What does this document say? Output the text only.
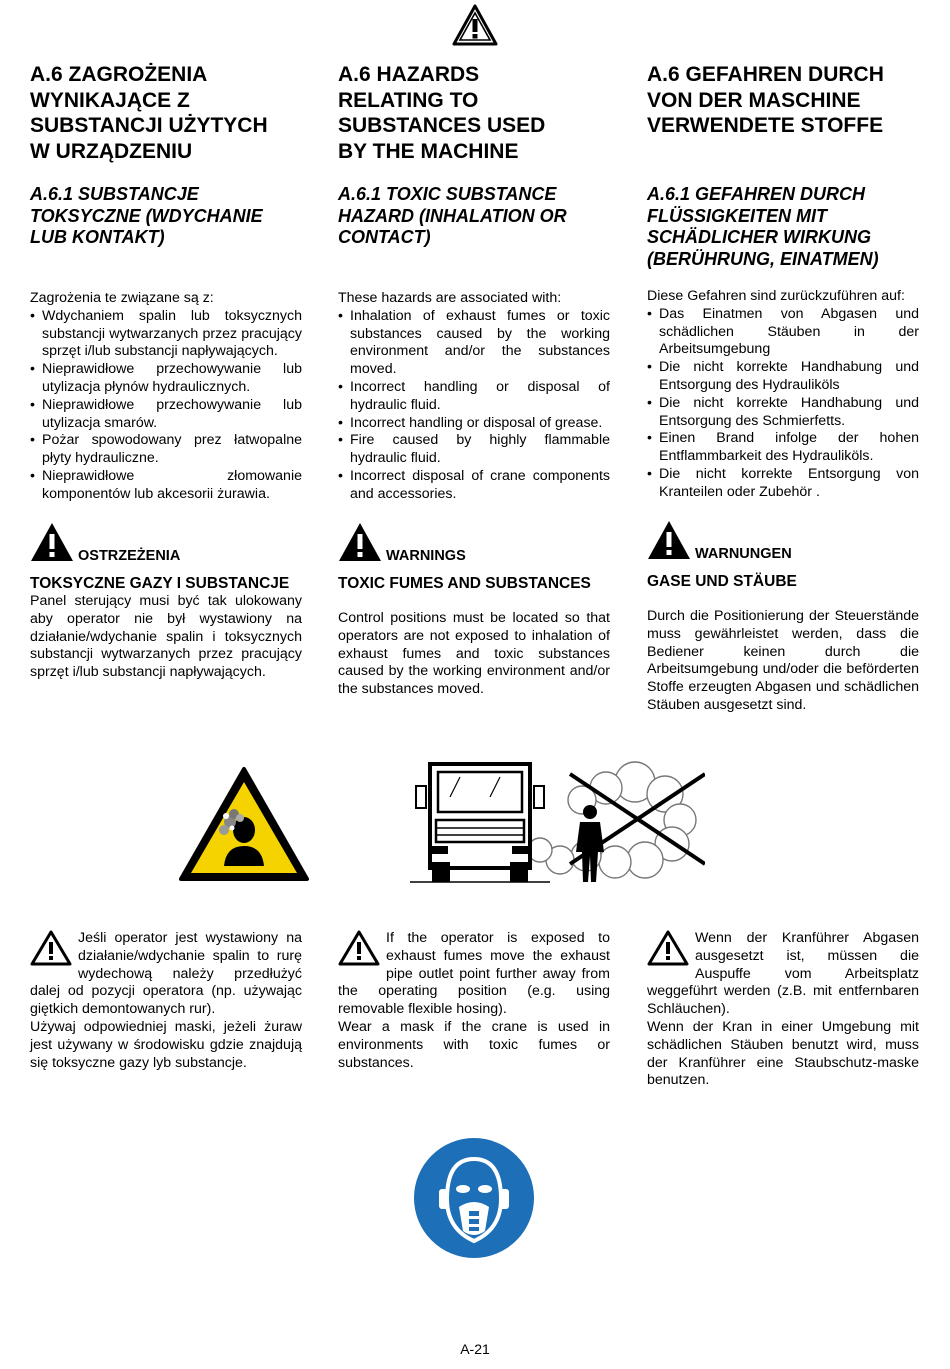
A.6 ZAGROŻENIA
WYNIKAJĄCE Z
SUBSTANCJI UŻYTYCH
W URZĄDZENIU
A.6.1 SUBSTANCJE
TOKSYCZNE (WDYCHANIE
LUB KONTAKT)

Zagrożenia te związane są z:

• Wdychaniem spalin lub toksycznych substancji wytwarzanych przez pracujący sprzęt i/lub substancji napływających.
• Nieprawidłowe przechowywanie lub utylizacja płynów hydraulicznych.
• Nieprawidłowe przechowywanie lub utylizacja smarów.
• Pożar spowodowany prez łatwopalne płyty hydrauliczne.
• Nieprawidłowe złomowanie komponentów lub akcesorii żurawia.
A.6 HAZARDS
RELATING TO
SUBSTANCES USED
BY THE MACHINE
A.6.1 TOXIC SUBSTANCE
HAZARD (INHALATION OR
CONTACT)

These hazards are associated with:

• Inhalation of exhaust fumes or toxic substances caused by the working environment and/or the substances moved.
• Incorrect handling or disposal of hydraulic fluid.
• Incorrect handling or disposal of grease.
• Fire caused by highly flammable hydraulic fluid.
• Incorrect disposal of crane components and accessories.
A.6 GEFAHREN DURCH
VON DER MASCHINE
VERWENDETE STOFFE
A.6.1 GEFAHREN DURCH
FLÜSSIGKEITEN MIT
SCHÄDLICHER WIRKUNG
(BERÜHRUNG, EINATMEN)

Diese Gefahren sind zurückzuführen auf:

• Das Einatmen von Abgasen und schädlichen Stäuben in der Arbeitsumgebung
• Die nicht korrekte Handhabung und Entsorgung des Hydrauliköls
• Die nicht korrekte Handhabung und Entsorgung des Schmierfetts.
• Einen Brand infolge der hohen Entflammbarkeit des Hydrauliköls.
• Die nicht korrekte Entsorgung von Kranteilen oder Zubehör .
OSTRZEŻENIA
TOKSYCZNE GAZY I SUBSTANCJE

Panel sterujący musi być tak ulokowany aby operator nie był wystawiony na działanie/wdychanie spalin i toksycznych substancji wytwarzanych przez pracujący sprzęt i/lub substancji napływających.

WARNINGS
TOXIC FUMES AND SUBSTANCES

Control positions must be located so that operators are not exposed to inhalation of exhaust fumes and toxic substances caused by the working environment and/or the substances moved.

WARNUNGEN
GASE UND STÄUBE

Durch die Positionierung der Steuerstände muss gewährleistet werden, dass die Bediener keinen durch die Arbeitsumgebung und/oder die beförderten Stoffe erzeugten Abgasen und schädlichen Stäuben ausgesetzt sind.

Jeśli operator jest wystawiony na działanie/wdychanie spalin to rurę wydechową należy przedłużyć dalej od pozycji operatora (np. używając giętkich demontowanych rur).
Używaj odpowiedniej maski, jeżeli żuraw jest używany w środowisku gdzie znajdują się toksyczne gazy lyb substancje.
If the operator is exposed to exhaust fumes move the exhaust pipe outlet point further away from the operating position (e.g. using removable flexible hosing).
Wear a mask if the crane is used in environments with toxic fumes or substances.
Wenn der Kranführer Abgasen ausgesetzt ist, müssen die Auspuffe vom Arbeitsplatz weggeführt werden (z.B. mit entfernbaren Schläuchen).
Wenn der Kran in einer Umgebung mit schädlichen Stäuben benutzt wird, muss der Kranführer eine Staubschutz-maske benutzen.
A-21
